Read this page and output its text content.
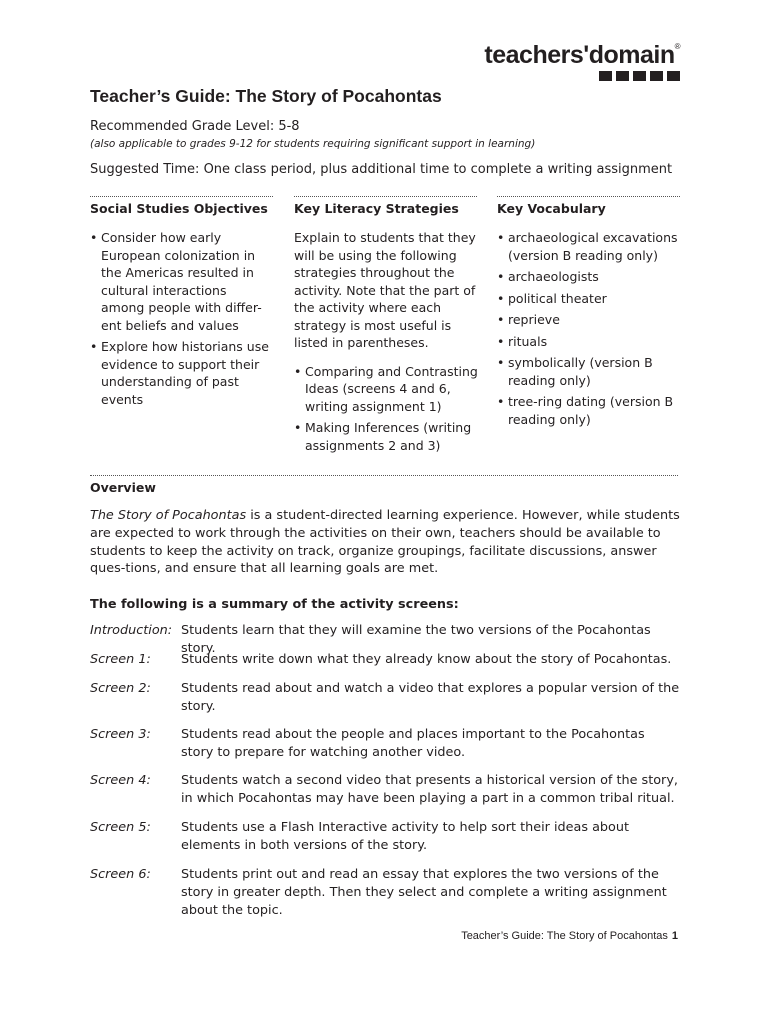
teachers'domain®
Teacher’s Guide: The Story of Pocahontas
Recommended Grade Level: 5-8
(also applicable to grades 9-12 for students requiring significant support in learning)
Suggested Time: One class period, plus additional time to complete a writing assignment
Social Studies Objectives Key Literacy Strategies	Key Vocabulary
• Consider how early European colonization in the Americas resulted in cultural interactions among people with differ-ent beliefs and values
• Explore how historians use evidence to support their understanding of past events

Explain to students that they will be using the following strategies throughout the activity. Note that the part of the activity where each strategy is most useful is listed in parentheses.

• Comparing and Contrasting Ideas (screens 4 and 6, writing assignment 1)
• Making Inferences (writing assignments 2 and 3)
• archaeological excavations (version B reading only)
• archaeologists
• political theater
• reprieve
• rituals
• symbolically (version B reading only)
• tree-ring dating (version B reading only)
Overview
The Story of Pocahontas is a student-directed learning experience. However, while students are expected to work through the activities on their own, teachers should be available to students to keep the activity on track, organize groupings, facilitate discussions, answer ques-tions, and ensure that all learning goals are met.
The following is a summary of the activity screens:
Introduction: Students learn that they will examine the two versions of the Pocahontas story.
Screen 1: Students write down what they already know about the story of Pocahontas.
Screen 2: Students read about and watch a video that explores a popular version of the story.
Screen 3: Students read about the people and places important to the Pocahontas story to prepare for watching another video.
Screen 4: Students watch a second video that presents a historical version of the story, in which Pocahontas may have been playing a part in a common tribal ritual.
Screen 5: Students use a Flash Interactive activity to help sort their ideas about elements in both versions of the story.
Screen 6: Students print out and read an essay that explores the two versions of the story in greater depth. Then they select and complete a writing assignment about the topic.
Teacher’s Guide: The Story of Pocahontas 1
